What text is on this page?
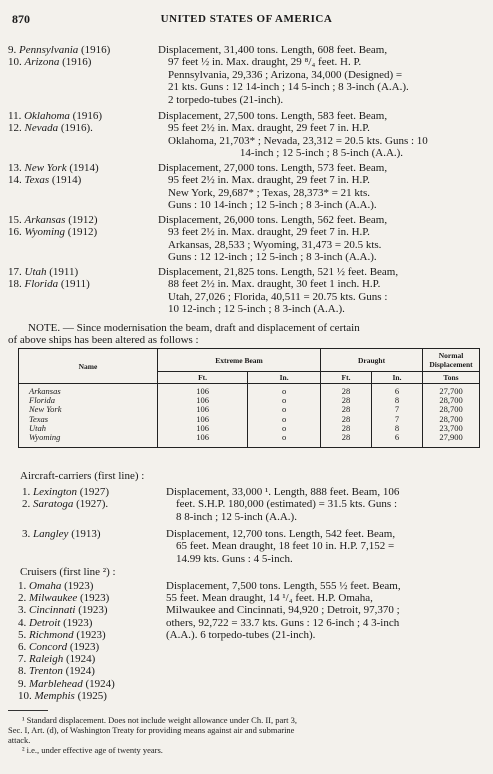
870	UNITED STATES OF AMERICA
9. Pennsylvania (1916)
10. Arizona (1916)
Displacement, 31,400 tons. Length, 608 feet. Beam,
97 feet ½ in. Max. draught, 29 ⁸/₄ feet. H. P.
Pennsylvania, 29,336 ; Arizona, 34,000 (Designed) =
21 kts. Guns : 12 14-inch ; 14 5-inch ; 8 3-inch (A.A.).
2 torpedo-tubes (21-inch).
11. Oklahoma (1916)
12. Nevada (1916).
Displacement, 27,500 tons. Length, 583 feet. Beam,
95 feet 2½ in. Max. draught, 29 feet 7 in. H.P.
Oklahoma, 21,703* ; Nevada, 23,312 = 20.5 kts. Guns : 10
14-inch ; 12 5-inch ; 8 5-inch (A.A.).
13. New York (1914)
14. Texas (1914)
Displacement, 27,000 tons. Length, 573 feet. Beam,
95 feet 2½ in. Max. draught, 29 feet 7 in. H.P.
New York, 29,687* ; Texas, 28,373* = 21 kts.
Guns : 10 14-inch ; 12 5-inch ; 8 3-inch (A.A.).
15. Arkansas (1912)
16. Wyoming (1912)
Displacement, 26,000 tons. Length, 562 feet. Beam,
93 feet 2½ in. Max. draught, 29 feet 7 in. H.P.
Arkansas, 28,533 ; Wyoming, 31,473 = 20.5 kts.
Guns : 12 12-inch ; 12 5-inch ; 8 3-inch (A.A.).
17. Utah (1911)
18. Florida (1911)
Displacement, 21,825 tons. Length, 521 ½ feet. Beam,
88 feet 2½ in. Max. draught, 30 feet 1 inch. H.P.
Utah, 27,026 ; Florida, 40,511 = 20.75 kts. Guns :
10 12-inch ; 12 5-inch ; 8 3-inch (A.A.).
NOTE. — Since modernisation the beam, draft and displacement of certain
of above ships has been altered as follows :
Name	Extreme Beam		Draught		Normal Displacement
	Ft.	In.	Ft.	In.	Tons
Arkansas	106	o	28	6	27,700
Florida	106	o	28	8	28,700
New York	106	o	28	7	28,700
Texas	106	o	28	7	28,700
Utah	106	o	28	8	23,700
Wyoming	106	o	28	6	27,900
Aircraft-carriers (first line) :
1. Lexington (1927)
2. Saratoga (1927).
Displacement, 33,000 ¹. Length, 888 feet. Beam, 106
feet. S.H.P. 180,000 (estimated) = 31.5 kts. Guns :
8 8-inch ; 12 5-inch (A.A.).
3. Langley (1913)	Displacement, 12,700 tons. Length, 542 feet. Beam,
65 feet. Mean draught, 18 feet 10 in. H.P. 7,152 =
14.99 kts. Guns : 4 5-inch.
Cruisers (first line ²) :
1. Omaha (1923)
2. Milwaukee (1923)
3. Cincinnati (1923)
4. Detroit (1923)
5. Richmond (1923)
6. Concord (1923)
7. Raleigh (1924)
8. Trenton (1924)
9. Marblehead (1924)
10. Memphis (1925)
Displacement, 7,500 tons. Length, 555 ½ feet. Beam,
55 feet. Mean draught, 14 ¹/₄ feet. H.P. Omaha,
Milwaukee and Cincinnati, 94,920 ; Detroit, 97,370 ;
others, 92,722 = 33.7 kts. Guns : 12 6-inch ; 4 3-inch
(A.A.). 6 torpedo-tubes (21-inch).
¹ Standard displacement. Does not include weight allowance under Ch. II, part 3,
Sec. I, Art. (d), of Washington Treaty for providing means against air and submarine
attack.
² i.e., under effective age of twenty years.
